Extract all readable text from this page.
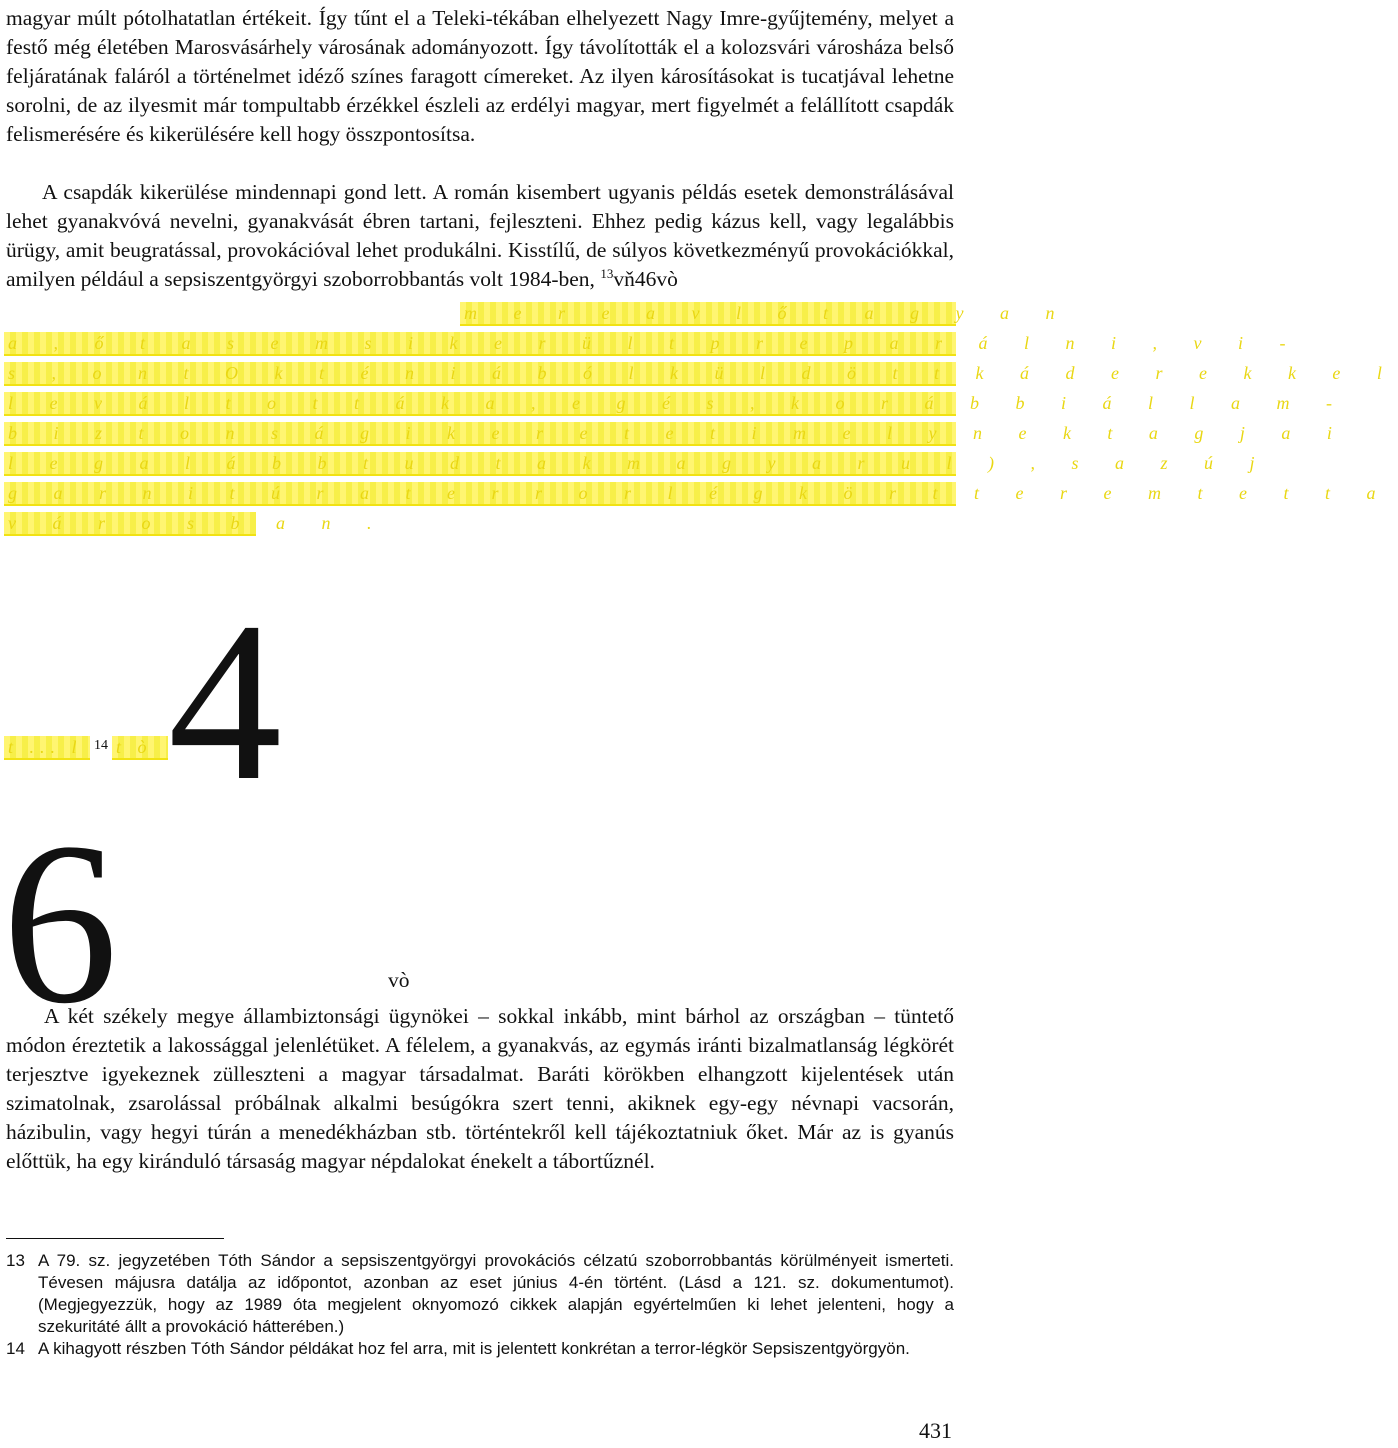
magyar múlt pótolhatatlan értékeit. Így tűnt el a Teleki-tékában elhelyezett Nagy Imre-gyűjtemény, melyet a festő még életében Marosvásárhely városának adományozott. Így távolították el a kolozsvári városháza belső feljáratának faláról a történelmet idéző színes faragott címereket. Az ilyen károsításokat is tucatjával lehetne sorolni, de az ilyesmit már tompultabb érzékkel észleli az erdélyi magyar, mert figyelmét a felállított csapdák felismerésére és kikerülésére kell hogy összpontosítsa.

A csapdák kikerülése mindennapi gond lett. A román kisembert ugyanis példás esetek demonstrálásával lehet gyanakvóvá nevelni, gyanakvását ébren tartani, fejleszteni. Ehhez pedig kázus kell, vagy legalábbis ürügy, amit beugratással, provokációval lehet produkálni. Kisstílű, de súlyos következményű provokációkkal, amilyen például a sepsiszentgyörgyi szoborrobbantás volt 1984-ben, $^{13}$vň46vò

m e r e a v l ő t a g y a n
a , ő t a s e m s i k e r ü l t p r e p a r á l n i , v i -
s , o n t O k t é n i á b ó l k ü l d ö t t k á d e r e k k e l
l e v á l t o t t á k a , e g é s , k o r á b b i á l l a m -
b i z t o n s á g i k e r e t e t i m e l y n e k t a g j a i
l e g a l á b b t u d t a k m a g y a r u l ) , s a z ú j
g a r n i t ú r a t e r r o r l é g k ö r t t e r e m t e t t a
v á r o s b a n .
t ... l 14 t ò 4
6	vò

A két székely megye állambiztonsági ügynökei – sokkal inkább, mint bárhol az országban – tüntető módon éreztetik a lakossággal jelenlétüket. A félelem, a gyanakvás, az egymás iránti bizalmatlanság légkörét terjesztve igyekeznek züllеszteni a magyar társadalmat. Baráti körökben elhangzott kijelentések után szimatolnak, zsarolással próbálnak alkalmi besúgókra szert tenni, akiknek egy-egy névnapi vacsorán, házibulin, vagy hegyi túrán a menedékházban stb. történtekről kell tájékoztatniuk őket. Már az is gyanús előttük, ha egy kiránduló társaság magyar népdalokat énekelt a tábortűznél.

13 A 79. sz. jegyzetében Tóth Sándor a sepsiszentgyörgyi provokációs célzatú szoborrobbantás körülményeit ismerteti. Tévesen májusra datálja az időpontot, azonban az eset június 4-én történt. (Lásd a 121. sz. dokumentumot). (Megjegyezzük, hogy az 1989 óta megjelent oknyomozó cikkek alapján egyértelműen ki lehet jelenteni, hogy a szekuritáté állt a provokáció hátterében.)

14 A kihagyott részben Tóth Sándor példákat hoz fel arra, mit is jelentett konkrétan a terror-légkör Sepsiszentgyörgyön.

431
